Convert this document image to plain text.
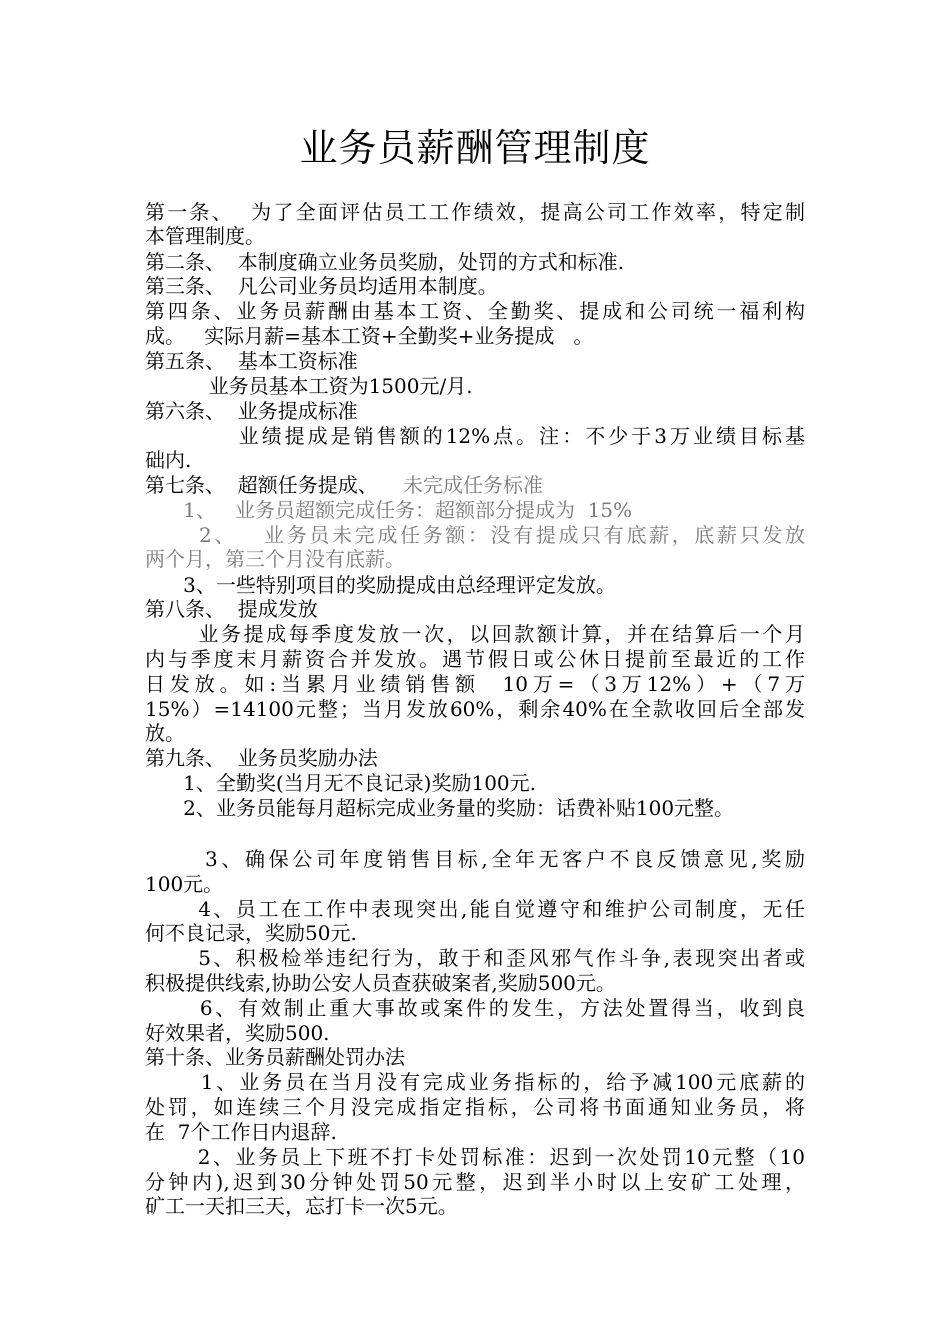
业务员薪酬管理制度
第一条、  为了全面评估员工工作绩效，提高公司工作效率，特定制
本管理制度。
第二条、  本制度确立业务员奖励，处罚的方式和标准.
第三条、  凡公司业务员均适用本制度。
第四条、业务员薪酬由基本工资、全勤奖、提成和公司统一福利构
成。   实际月薪=基本工资+全勤奖+业务提成   。
第五条、  基本工资标准
业务员基本工资为1500元/月.
第六条、  业务提成标准
业绩提成是销售额的12%点。注：不少于3万业绩目标基
础内.
第七条、  超额任务提成、 未完成任务标准
1、   业务员超额完成任务：超额部分提成为  15%
2、   业务员未完成任务额：没有提成只有底薪，底薪只发放
两个月，第三个月没有底薪。
3、一些特别项目的奖励提成由总经理评定发放。
第八条、  提成发放
业务提成每季度发放一次，以回款额计算，并在结算后一个月
内与季度末月薪资合并发放。遇节假日或公休日提前至最近的工作
日发放。如:当累月业绩销售额  10万=（3万12%）+（7万
15%）=14100元整；当月发放60%，剩余40%在全款收回后全部发
放。
第九条、  业务员奖励办法
1、全勤奖(当月无不良记录)奖励100元.
2、业务员能每月超标完成业务量的奖励：话费补贴100元整。
3、确保公司年度销售目标,全年无客户不良反馈意见,奖励
100元。
4、员工在工作中表现突出,能自觉遵守和维护公司制度，无任
何不良记录，奖励50元.
5、积极检举违纪行为，敢于和歪风邪气作斗争,表现突出者或
积极提供线索,协助公安人员查获破案者,奖励500元。
6、有效制止重大事故或案件的发生，方法处置得当，收到良
好效果者，奖励500.
第十条、业务员薪酬处罚办法
1、业务员在当月没有完成业务指标的，给予减100元底薪的
处罚，如连续三个月没完成指定指标，公司将书面通知业务员，将
在  7个工作日内退辞.
2、业务员上下班不打卡处罚标准：迟到一次处罚10元整（10
分钟内),迟到30分钟处罚50元整，迟到半小时以上安矿工处理，
矿工一天扣三天，忘打卡一次5元。
